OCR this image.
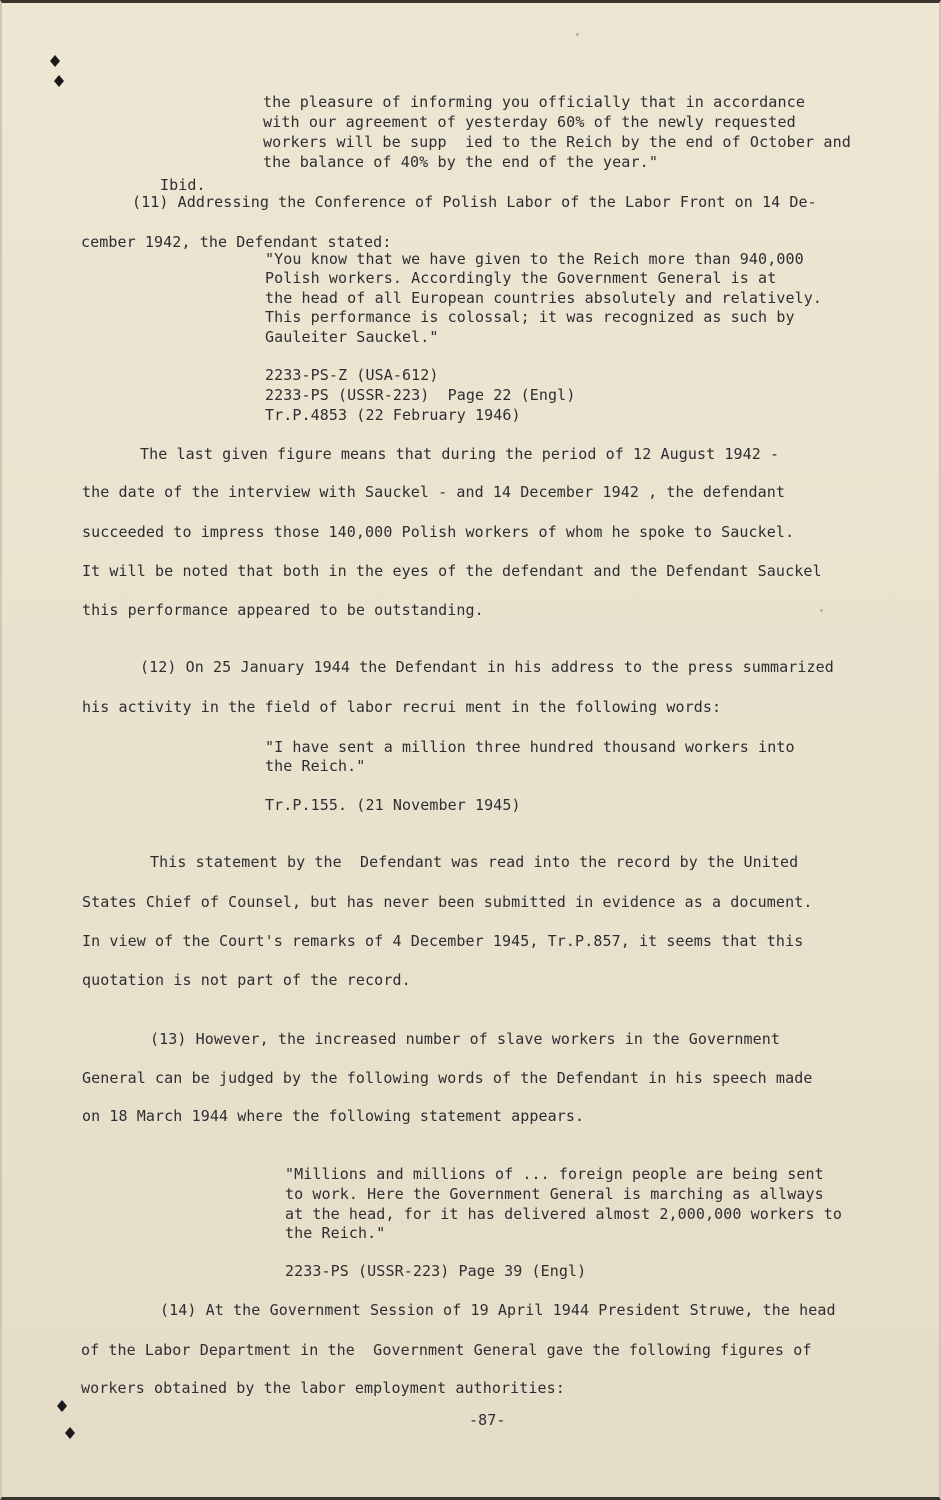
the pleasure of informing you officially that in accordance
with our agreement of yesterday 60% of the newly requested
workers will be supp  ied to the Reich by the end of October and
the balance of 40% by the end of the year."
Ibid.
(11) Addressing the Conference of Polish Labor of the Labor Front on 14 De-
cember 1942, the Defendant stated:
"You know that we have given to the Reich more than 940,000
Polish workers. Accordingly the Government General is at
the head of all European countries absolutely and relatively.
This performance is colossal; it was recognized as such by
Gauleiter Sauckel."
2233-PS-Z (USA-612)
2233-PS (USSR-223)  Page 22 (Engl)
Tr.P.4853 (22 February 1946)
The last given figure means that during the period of 12 August 1942 -
the date of the interview with Sauckel - and 14 December 1942 , the defendant
succeeded to impress those 140,000 Polish workers of whom he spoke to Sauckel.
It will be noted that both in the eyes of the defendant and the Defendant Sauckel
this performance appeared to be outstanding.
(12) On 25 January 1944 the Defendant in his address to the press summarized
his activity in the field of labor recrui ment in the following words:
"I have sent a million three hundred thousand workers into
the Reich."
Tr.P.155. (21 November 1945)
This statement by the  Defendant was read into the record by the United
States Chief of Counsel, but has never been submitted in evidence as a document.
In view of the Court's remarks of 4 December 1945, Tr.P.857, it seems that this
quotation is not part of the record.
(13) However, the increased number of slave workers in the Government
General can be judged by the following words of the Defendant in his speech made
on 18 March 1944 where the following statement appears.
"Millions and millions of ... foreign people are being sent
to work. Here the Government General is marching as allways
at the head, for it has delivered almost 2,000,000 workers to
the Reich."
2233-PS (USSR-223) Page 39 (Engl)
(14) At the Government Session of 19 April 1944 President Struwe, the head
of the Labor Department in the  Government General gave the following figures of
workers obtained by the labor employment authorities:
-87-
